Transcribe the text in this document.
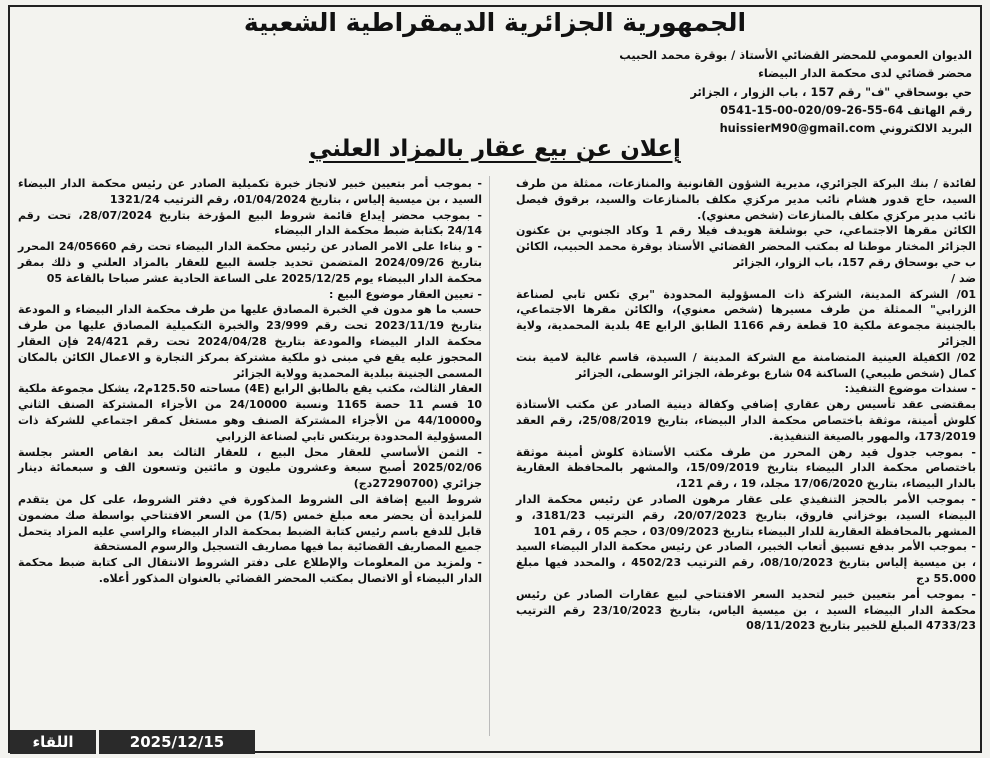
الجمهورية الجزائرية الديمقراطية الشعبية
الديوان العمومي للمحضر القضائي الأستاذ / بوقرة محمد الحبيب
محضر قضائي لدى محكمة الدار البيضاء
حي بوسحاقي "ف" رقم 157 ، باب الزوار ، الجزائر
رقم الهاتف 64-55-26-020/09-00-15-0541
البريد الالكتروني huissierM90@gmail.com
إعلان عن بيع عقار بالمزاد العلني

لفائدة / بنك البركة الجزائري، مديرية الشؤون القانونية والمنازعات، ممثلة من طرف السيد، حاج قدور هشام نائب مدير مركزي مكلف بالمنازعات والسيد، برقوق فيصل نائب مدير مركزي مكلف بالمنازعات (شخص معنوي).

الكائن مقرها الاجتماعي، حي بوشلغة هويدف فيلا رقم 1 وكاد الجنوبي بن عكنون الجزائر المختار موطنا له بمكتب المحضر القضائي الأستاذ بوقرة محمد الحبيب، الكائن ب حي بوسحاق رقم 157، باب الزوار، الجزائر

ضد /

01/ الشركة المدينة، الشركة ذات المسؤولية المحدودة "بري تكس تابي لصناعة الزرابي" الممثلة من طرف مسيرها (شخص معنوي)، والكائن مقرها الاجتماعي، بالجنينة مجموعة ملكية 10 قطعة رقم 1166 الطابق الرابع 4E بلدية المحمدية، ولاية الجزائر

02/ الكفيلة العينية المتضامنة مع الشركة المدينة / السيدة، قاسم غالية لامية بنت كمال (شخص طبيعي) الساكنة 04 شارع بوغرطة، الجزائر الوسطى، الجزائر

- سندات موضوع التنفيذ:

بمقتضى عقد تأسيس رهن عقاري إضافي وكفالة دينية الصادر عن مكتب الأستاذة كلوش أمينة، موثقة باختصاص محكمة الدار البيضاء، بتاريخ 25/08/2019، رقم العقد 173/2019، والمهور بالصيغة التنفيذية.

- بموجب جدول قيد رهن المحرر من طرف مكتب الأستاذة كلوش أمينة موثقة باختصاص محكمة الدار البيضاء بتاريخ 15/09/2019، والمشهر بالمحافظة العقارية بالدار البيضاء، بتاريخ 17/06/2020 مجلد، 19 ، رقم 121،

- بموجب الأمر بالحجز التنفيذي على عقار مرهون الصادر عن رئيس محكمة الدار البيضاء السيد، بوخزاني فاروق، بتاريخ 20/07/2023، رقم الترتيب 3181/23، و المشهر بالمحافظة العقارية للدار البيضاء بتاريخ 03/09/2023 ، حجم 05 ، رقم 101

- بموجب الأمر بدفع تسبيق أتعاب الخبير، الصادر عن رئيس محكمة الدار البيضاء السيد ، بن ميسية إلياس بتاريخ 08/10/2023، رقم الترتيب 4502/23 ، والمحدد فيها مبلغ 55.000 دج

- بموجب أمر بتعيين خبير لتحديد السعر الافتتاحي لبيع عقارات الصادر عن رئيس محكمة الدار البيضاء السيد ، بن ميسية الياس، بتاريخ 23/10/2023 رقم الترتيب 4733/23 المبلغ للخبير بتاريخ 08/11/2023

- بموجب أمر بتعيين خبير لانجاز خبرة تكميلية الصادر عن رئيس محكمة الدار البيضاء السيد ، بن ميسية إلياس ، بتاريخ 01/04/2024، رقم الترتيب 1321/24

- بموجب محضر إيداع قائمة شروط البيع المؤرخة بتاريخ 28/07/2024، تحت رقم 24/14 بكتابة ضبط محكمة الدار البيضاء

- و بناءا على الامر الصادر عن رئيس محكمة الدار البيضاء تحت رقم 24/05660 المحرر بتاريخ 2024/09/26 المتضمن تحديد جلسة البيع للعقار بالمزاد العلني و ذلك بمقر محكمة الدار البيضاء يوم 2025/12/25 على الساعة الحادية عشر صباحا بالقاعة 05

- تعيين العقار موضوع البيع :

حسب ما هو مدون في الخبرة المصادق عليها من طرف محكمة الدار البيضاء و المودعة بتاريخ 2023/11/19 تحت رقم 23/999 والخبرة التكميلية المصادق عليها من طرف محكمة الدار البيضاء والمودعة بتاريخ 2024/04/28 تحت رقم 24/421 فإن العقار المحجوز عليه يقع في مبنى ذو ملكية مشتركة بمركز التجارة و الاعمال الكائن بالمكان المسمى الجنينة ببلدية المحمدية وولاية الجزائر

العقار الثالث، مكتب يقع بالطابق الرابع (4E) مساحته 125.50م2، يشكل مجموعة ملكية 10 قسم 11 حصة 1165 ونسبة 24/10000 من الأجزاء المشتركة الصنف الثاني و44/10000 من الأجزاء المشتركة الصنف وهو مستغل كمقر اجتماعي للشركة ذات المسؤولية المحدودة بريتكس تابي لصناعة الزرابي

- الثمن الأساسي للعقار محل البيع ، للعقار الثالث بعد انقاص العشر بجلسة 2025/02/06 أصبح سبعة وعشرون مليون و مائتين وتسعون الف و سبعمائة دينار جزائري (27290700دج)

شروط البيع إضافة الى الشروط المذكورة في دفتر الشروط، على كل من يتقدم للمزايدة أن يحضر معه مبلغ خمس (1/5) من السعر الافتتاحي بواسطة صك مضمون قابل للدفع باسم رئيس كتابة الضبط بمحكمة الدار البيضاء والراسي عليه المزاد يتحمل جميع المصاريف القضائية بما فيها مصاريف التسجيل والرسوم المستحقة

- ولمزيد من المعلومات والإطلاع على دفتر الشروط الانتقال الى كتابة ضبط محكمة الدار البيضاء أو الاتصال بمكتب المحضر القضائي بالعنوان المذكور أعلاه.

اللقاء	2025/12/15
